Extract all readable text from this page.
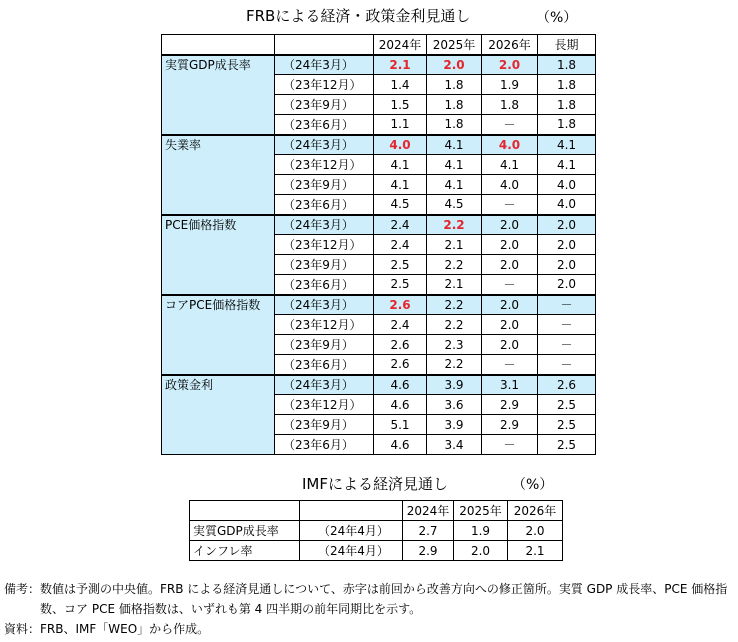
FRBによる経済・政策金利見通し	（%）
		2024年	2025年	2026年	長期
実質GDP成長率	（24年3月）	2.1	2.0	2.0	1.8
	（23年12月）	1.4	1.8	1.9	1.8
	（23年9月）	1.5	1.8	1.8	1.8
	（23年6月）	1.1	1.8	－	1.8
失業率	（24年3月）	4.0	4.1	4.0	4.1
	（23年12月）	4.1	4.1	4.1	4.1
	（23年9月）	4.1	4.1	4.0	4.0
	（23年6月）	4.5	4.5	－	4.0
PCE価格指数	（24年3月）	2.4	2.2	2.0	2.0
	（23年12月）	2.4	2.1	2.0	2.0
	（23年9月）	2.5	2.2	2.0	2.0
	（23年6月）	2.5	2.1	－	2.0
コアPCE価格指数	（24年3月）	2.6	2.2	2.0	－
	（23年12月）	2.4	2.2	2.0	－
	（23年9月）	2.6	2.3	2.0	－
	（23年6月）	2.6	2.2	－	－
政策金利	（24年3月）	4.6	3.9	3.1	2.6
	（23年12月）	4.6	3.6	2.9	2.5
	（23年9月）	5.1	3.9	2.9	2.5
	（23年6月）	4.6	3.4	－	2.5
IMFによる経済見通し	（%）
		2024年	2025年	2026年
実質GDP成長率	（24年4月）	2.7	1.9	2.0
インフレ率	（24年4月）	2.9	2.0	2.1
備考： 数値は予測の中央値。FRB による経済見通しについて、赤字は前回から改善方向への修正箇所。実質 GDP 成長率、PCE 価格指数、コア PCE 価格指数は、いずれも第 4 四半期の前年同期比を示す。
資料： FRB、IMF「WEO」から作成。
